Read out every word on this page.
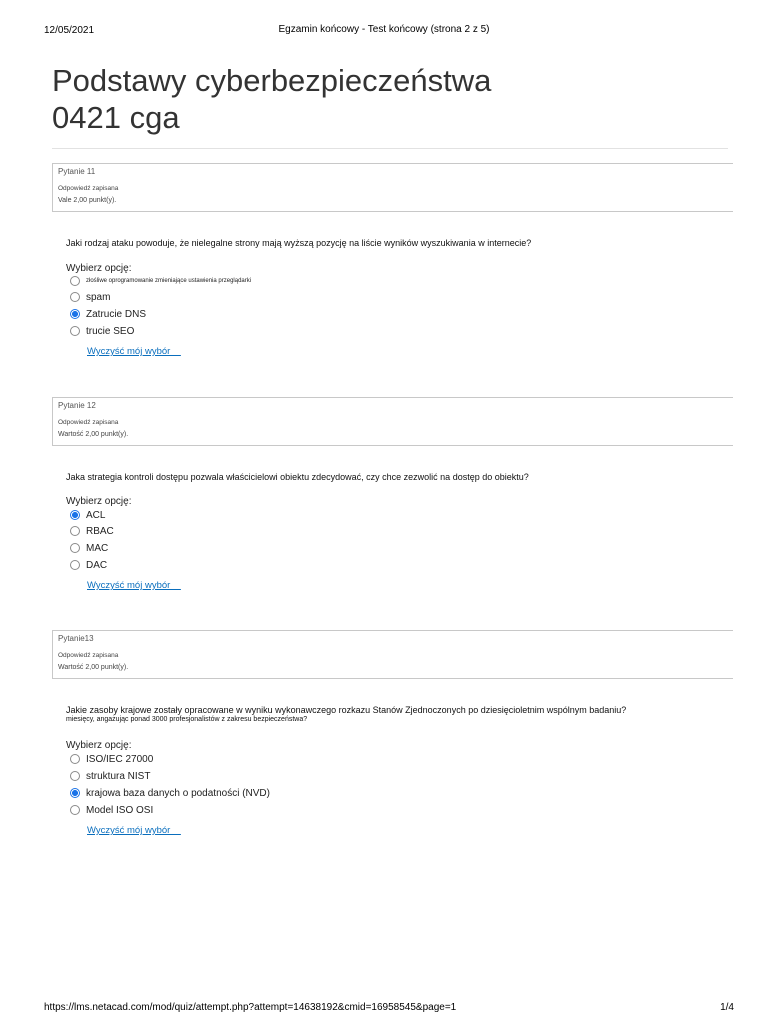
12/05/2021	Egzamin końcowy - Test końcowy (strona 2 z 5)
Podstawy cyberbezpieczeństwa
0421 cga
Pytanie 11
Odpowiedź zapisana
Vale 2,00 punkt(y).
Jaki rodzaj ataku powoduje, że nielegalne strony mają wyższą pozycję na liście wyników wyszukiwania w internecie?
Wybierz opcję:
złośliwe oprogramowanie zmieniające ustawienia przeglądarki
spam
Zatrucie DNS
trucie SEO
Wyczyść mój wybór
Pytanie 12
Odpowiedź zapisana
Wartość 2,00 punkt(y).
Jaka strategia kontroli dostępu pozwala właścicielowi obiektu zdecydować, czy chce zezwolić na dostęp do obiektu?
Wybierz opcję:
ACL
RBAC
MAC
DAC
Wyczyść mój wybór
Pytanie13
Odpowiedź zapisana
Wartość 2,00 punkt(y).
Jakie zasoby krajowe zostały opracowane w wyniku wykonawczego rozkazu Stanów Zjednoczonych po dziesięcioletnim wspólnym badaniu?
miesięcy, angażując ponad 3000 profesjonalistów z zakresu bezpieczeństwa?
Wybierz opcję:
ISO/IEC 27000
struktura NIST
krajowa baza danych o podatności (NVD)
Model ISO OSI
Wyczyść mój wybór
https://lms.netacad.com/mod/quiz/attempt.php?attempt=14638192&cmid=16958545&page=1	1/4
